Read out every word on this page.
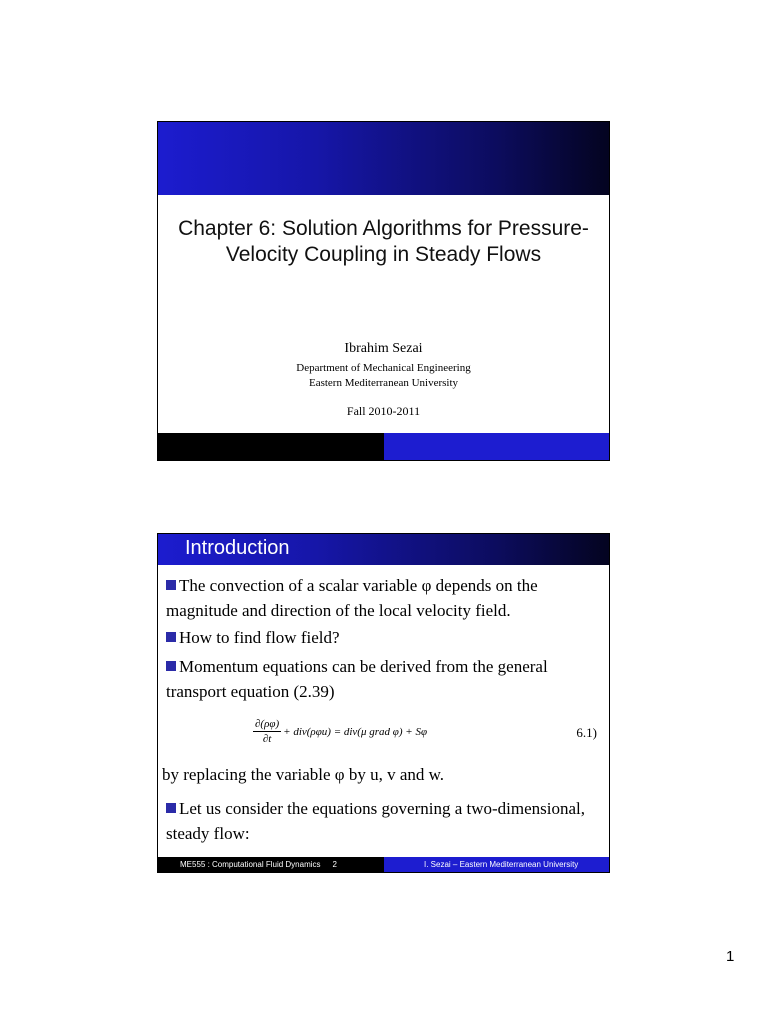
Chapter 6: Solution Algorithms for Pressure-Velocity Coupling in Steady Flows
Ibrahim Sezai
Department of Mechanical Engineering
Eastern Mediterranean University
Fall 2010-2011
Introduction
The convection of a scalar variable φ depends on the magnitude and direction of the local velocity field.
How to find flow field?
Momentum equations can be derived from the general transport equation (2.39)
$\frac{\partial(\rho\varphi)}{\partial t} + div(\rho\varphi u) = div(\mu$ grad φ) + Sφ	6.1)
by replacing the variable φ by u, v and w.
Let us consider the equations governing a two-dimensional, steady flow:
ME555 : Computational Fluid Dynamics 2	I. Sezai – Eastern Mediterranean University
1
